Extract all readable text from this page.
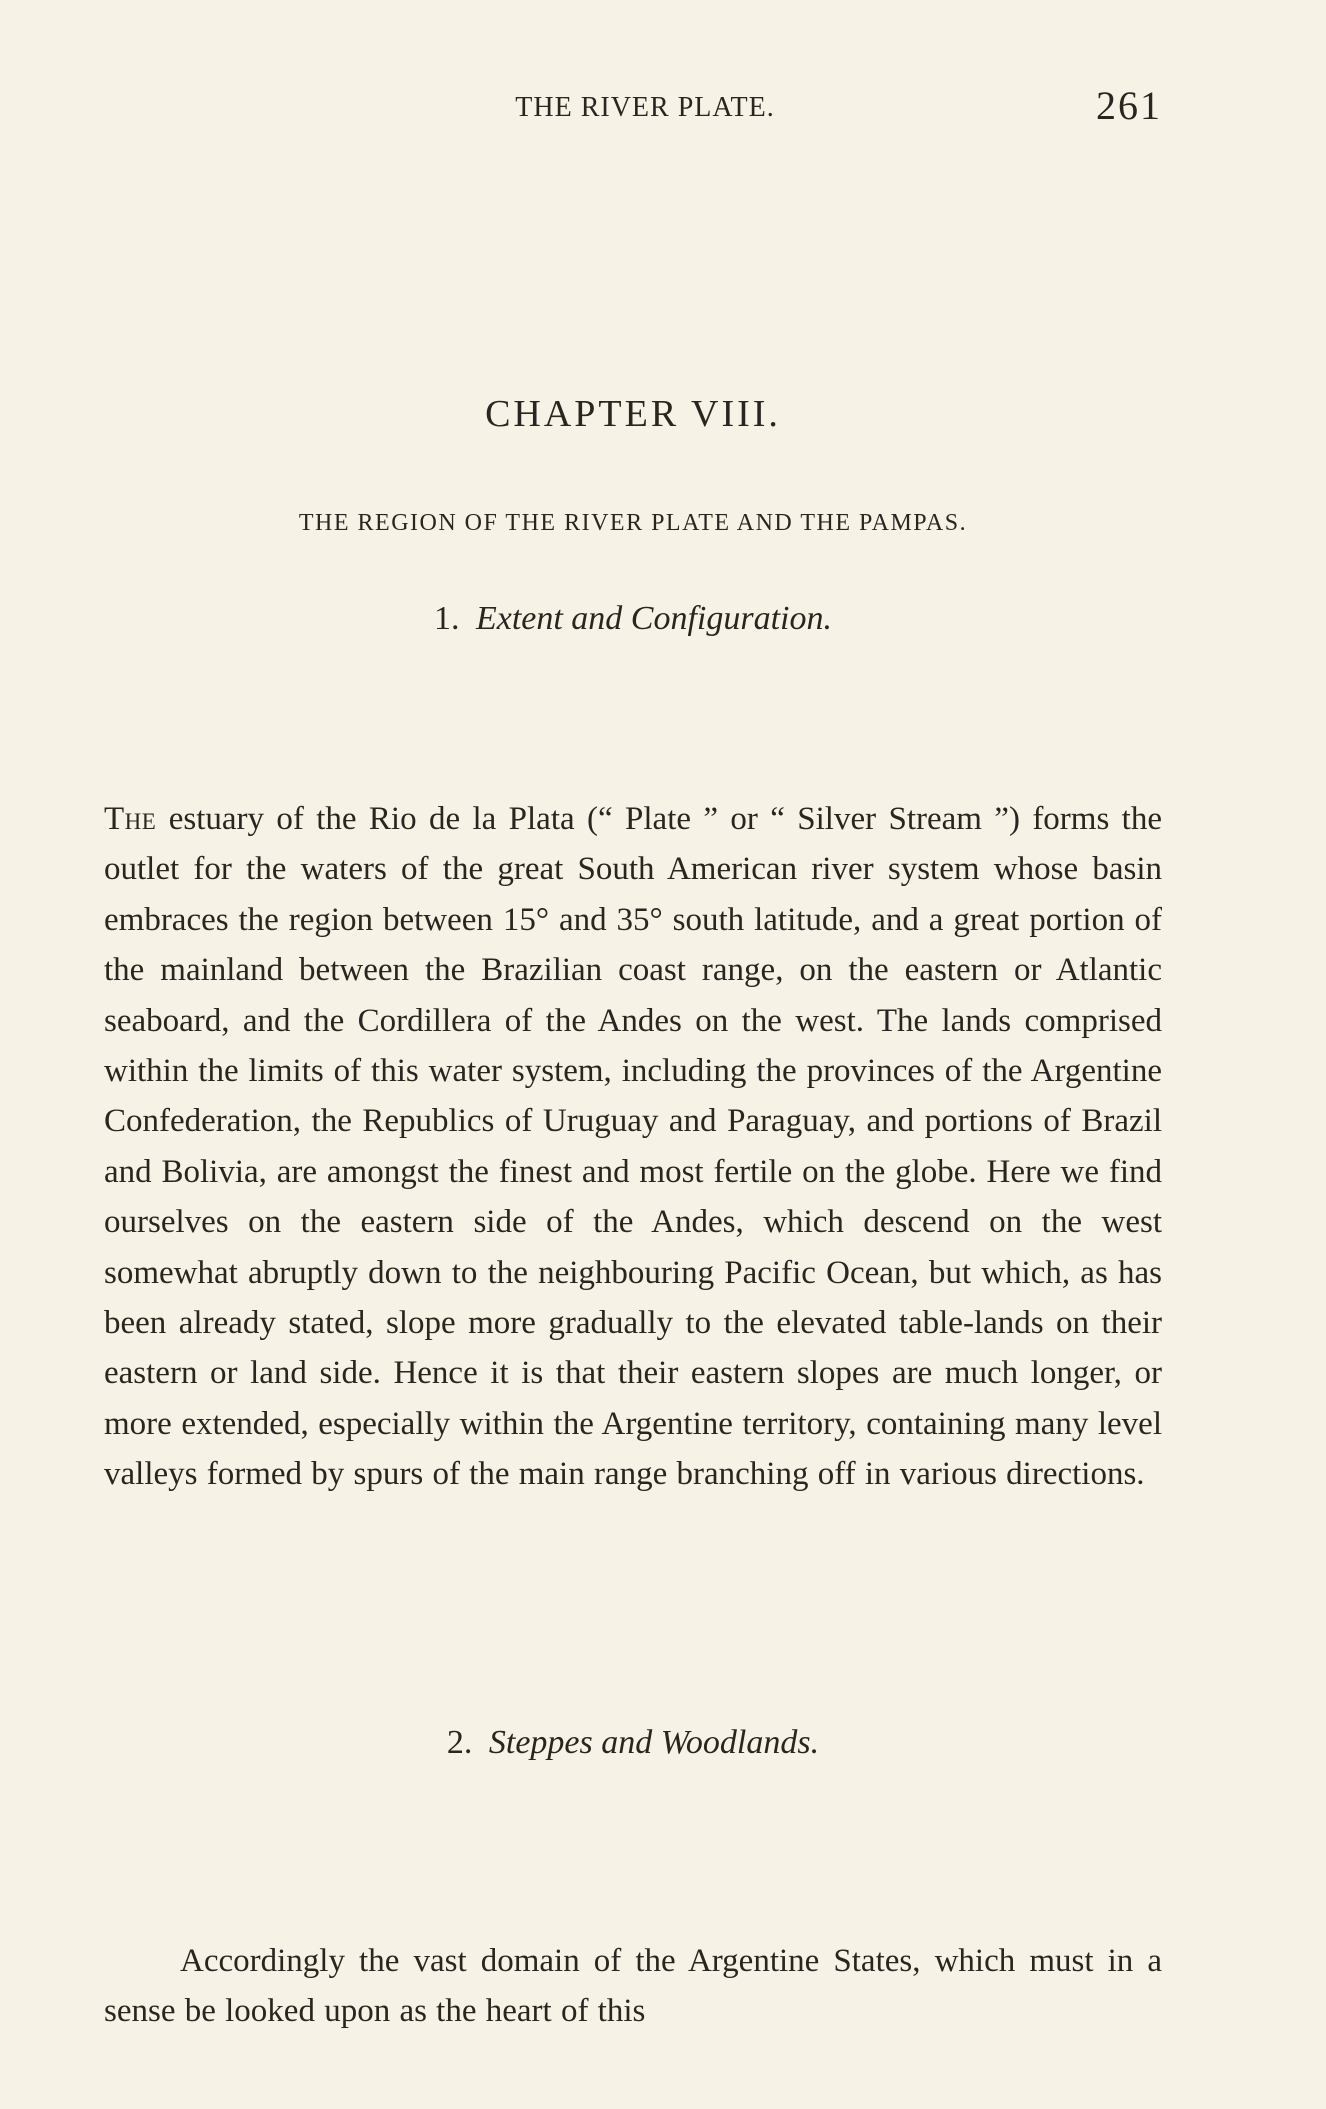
THE RIVER PLATE.	261
CHAPTER VIII.
THE REGION OF THE RIVER PLATE AND THE PAMPAS.
1. Extent and Configuration.

The estuary of the Rio de la Plata (“ Plate ” or “ Silver Stream ”) forms the outlet for the waters of the great South American river system whose basin embraces the region between 15° and 35° south latitude, and a great portion of the mainland between the Brazilian coast range, on the eastern or Atlantic seaboard, and the Cordillera of the Andes on the west. The lands comprised within the limits of this water system, including the provinces of the Argentine Confederation, the Republics of Uruguay and Paraguay, and portions of Brazil and Bolivia, are amongst the finest and most fertile on the globe. Here we find ourselves on the eastern side of the Andes, which descend on the west somewhat abruptly down to the neighbouring Pacific Ocean, but which, as has been already stated, slope more gradually to the elevated table-lands on their eastern or land side. Hence it is that their eastern slopes are much longer, or more extended, especially within the Argentine territory, containing many level valleys formed by spurs of the main range branching off in various directions.

2. Steppes and Woodlands.

Accordingly the vast domain of the Argentine States, which must in a sense be looked upon as the heart of this
